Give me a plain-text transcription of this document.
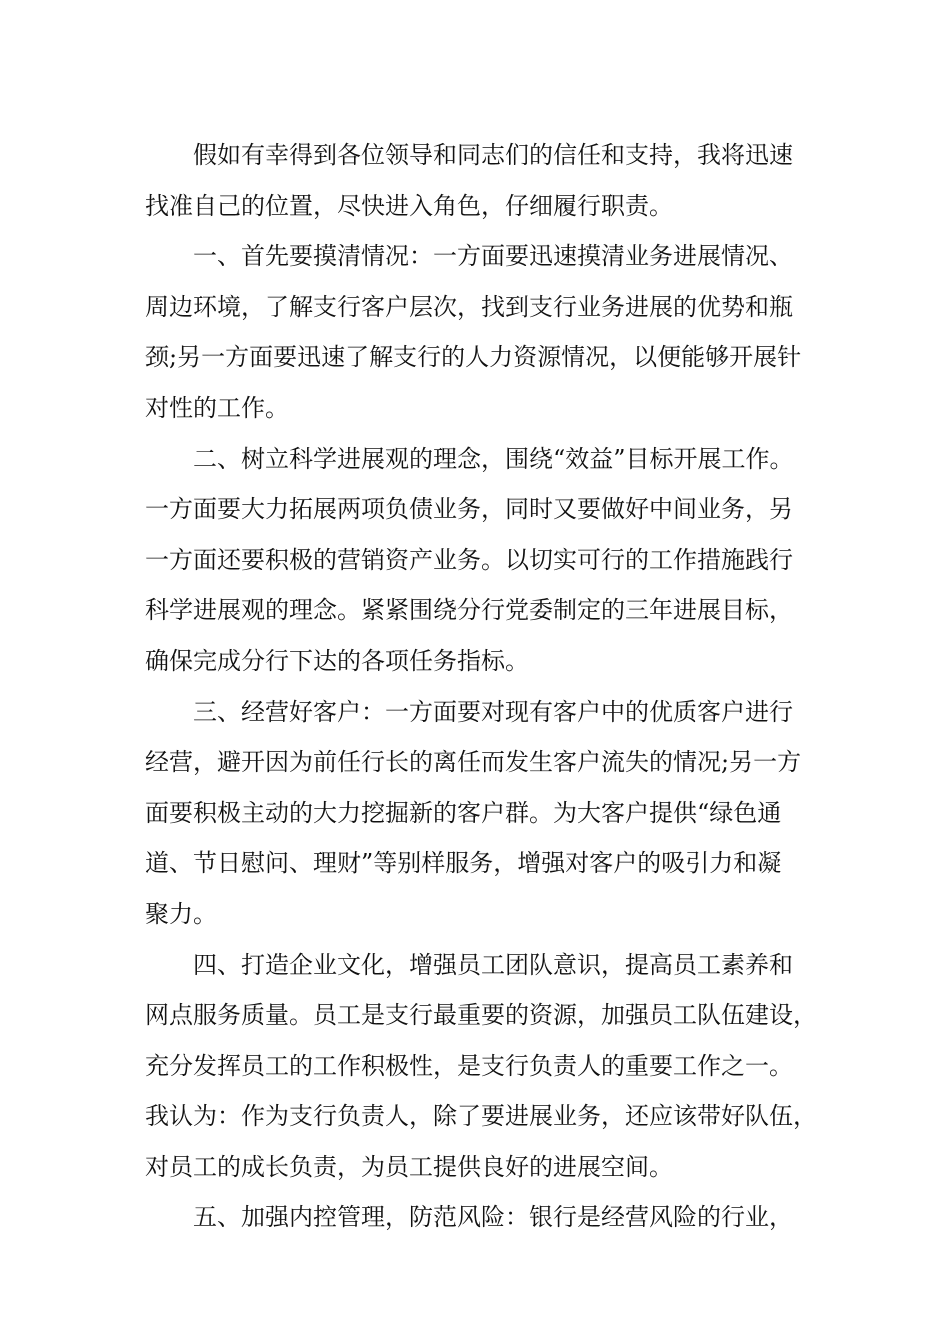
假如有幸得到各位领导和同志们的信任和支持，我将迅速
找准自己的位置，尽快进入角色，仔细履行职责。
一、首先要摸清情况：一方面要迅速摸清业务进展情况、
周边环境，了解支行客户层次，找到支行业务进展的优势和瓶
颈;另一方面要迅速了解支行的人力资源情况，以便能够开展针
对性的工作。
二、树立科学进展观的理念，围绕“效益”目标开展工作。
一方面要大力拓展两项负债业务，同时又要做好中间业务，另
一方面还要积极的营销资产业务。以切实可行的工作措施践行
科学进展观的理念。紧紧围绕分行党委制定的三年进展目标，
确保完成分行下达的各项任务指标。
三、经营好客户：一方面要对现有客户中的优质客户进行
经营，避开因为前任行长的离任而发生客户流失的情况;另一方
面要积极主动的大力挖掘新的客户群。为大客户提供“绿色通
道、节日慰问、理财”等别样服务，增强对客户的吸引力和凝
聚力。
四、打造企业文化，增强员工团队意识，提高员工素养和
网点服务质量。员工是支行最重要的资源，加强员工队伍建设，
充分发挥员工的工作积极性，是支行负责人的重要工作之一。
我认为：作为支行负责人，除了要进展业务，还应该带好队伍，
对员工的成长负责，为员工提供良好的进展空间。
五、加强内控管理，防范风险：银行是经营风险的行业，
